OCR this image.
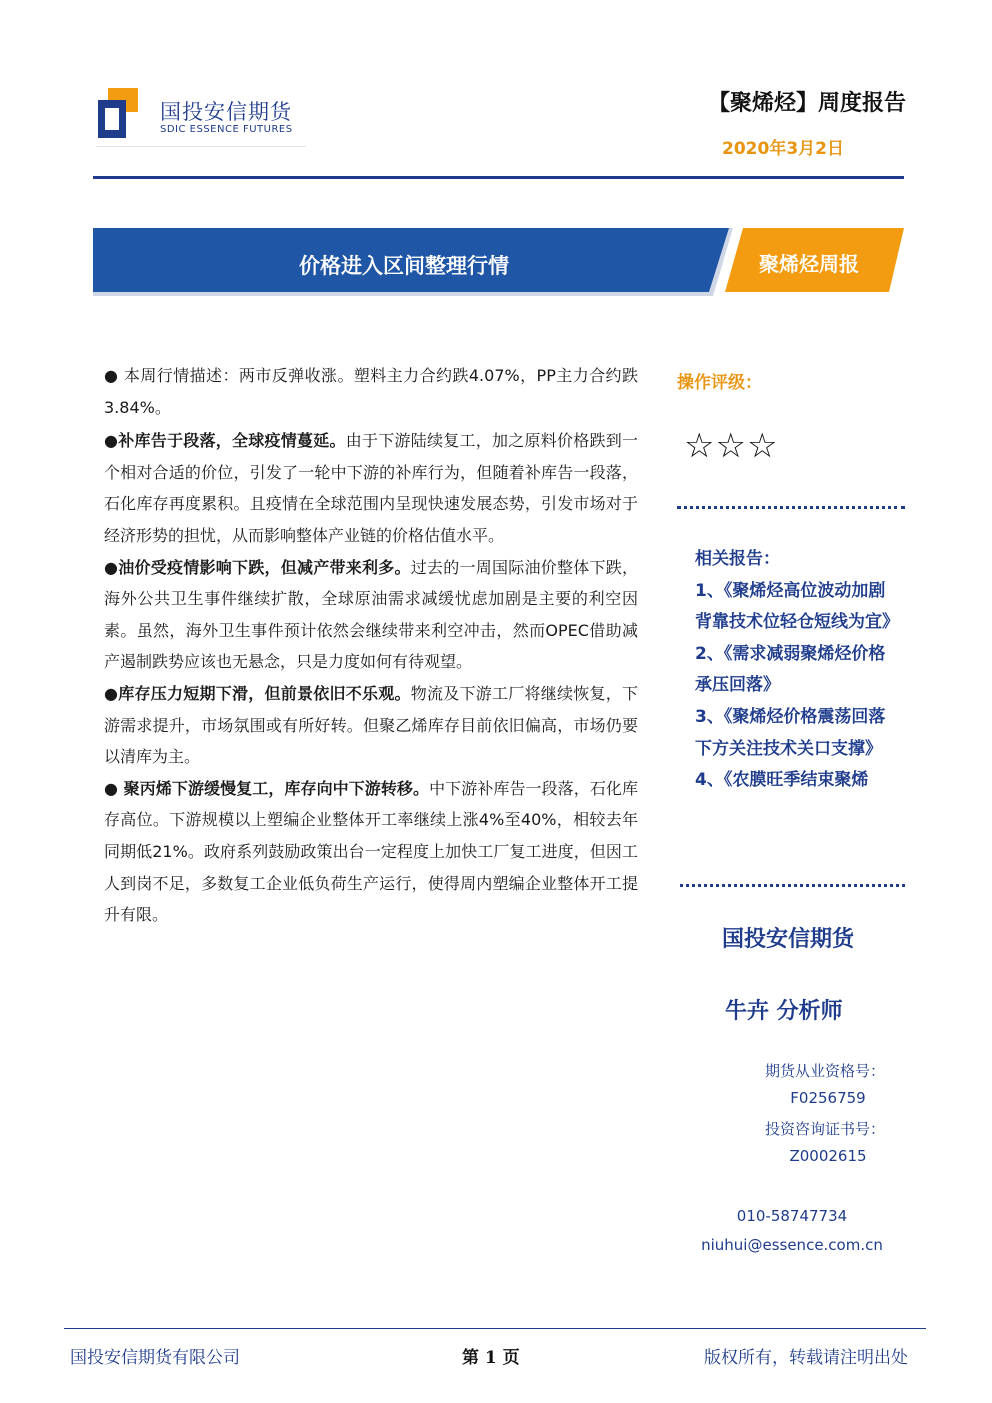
国投安信期货
SDIC ESSENCE FUTURES
【聚烯烃】周度报告
2020年3月2日
价格进入区间整理行情	聚烯烃周报

● 本周行情描述：两市反弹收涨。塑料主力合约跌4.07%，PP主力合约跌3.84%。

●补库告于段落，全球疫情蔓延。由于下游陆续复工，加之原料价格跌到一个相对合适的价位，引发了一轮中下游的补库行为，但随着补库告一段落，石化库存再度累积。且疫情在全球范围内呈现快速发展态势，引发市场对于经济形势的担忧，从而影响整体产业链的价格估值水平。

●油价受疫情影响下跌，但减产带来利多。过去的一周国际油价整体下跌，海外公共卫生事件继续扩散，全球原油需求减缓忧虑加剧是主要的利空因素。虽然，海外卫生事件预计依然会继续带来利空冲击，然而OPEC借助减产遏制跌势应该也无悬念，只是力度如何有待观望。

●库存压力短期下滑，但前景依旧不乐观。物流及下游工厂将继续恢复，下游需求提升，市场氛围或有所好转。但聚乙烯库存目前依旧偏高，市场仍要以清库为主。

● 聚丙烯下游缓慢复工，库存向中下游转移。中下游补库告一段落，石化库存高位。下游规模以上塑编企业整体开工率继续上涨4%至40%，相较去年同期低21%。政府系列鼓励政策出台一定程度上加快工厂复工进度，但因工人到岗不足，多数复工企业低负荷生产运行，使得周内塑编企业整体开工提升有限。

操作评级：
☆☆☆
相关报告：
1、《聚烯烃高位波动加剧 背靠技术位轻仓短线为宜》
2、《需求减弱聚烯烃价格承压回落》
3、《聚烯烃价格震荡回落 下方关注技术关口支撑》
4、《农膜旺季结束聚烯
国投安信期货
牛卉 分析师
期货从业资格号：
F0256759
投资咨询证书号：
Z0002615
010-58747734
niuhui@essence.com.cn
国投安信期货有限公司	第 1 页	版权所有，转载请注明出处
